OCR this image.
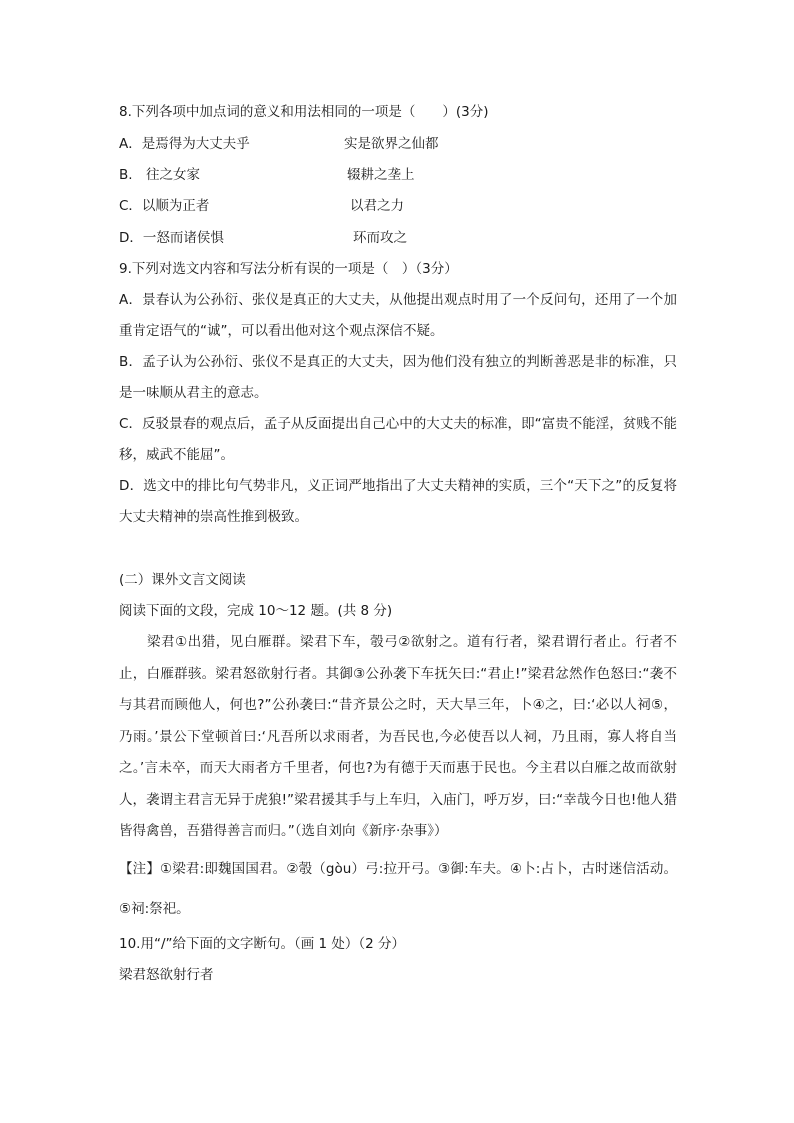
8.下列各项中加点词的意义和用法相同的一项是（　　）(3分)
A．是焉得为大丈夫乎	实是欲界之仙都
B.　往之女家	辍耕之垄上
C．以顺为正者	以君之力
D．一怒而诸侯惧	环而攻之
9.下列对选文内容和写法分析有误的一项是（　）（3分）
A．景春认为公孙衍、张仪是真正的大丈夫，从他提出观点时用了一个反问句，还用了一个加重肯定语气的“诚”，可以看出他对这个观点深信不疑。
B．孟子认为公孙衍、张仪不是真正的大丈夫，因为他们没有独立的判断善恶是非的标准，只是一味顺从君主的意志。
C．反驳景春的观点后，孟子从反面提出自己心中的大丈夫的标准，即“富贵不能淫，贫贱不能移，威武不能屈”。
D．选文中的排比句气势非凡，义正词严地指出了大丈夫精神的实质，三个“天下之”的反复将大丈夫精神的崇高性推到极致。
(二）课外文言文阅读
阅读下面的文段，完成 10～12 题。(共 8 分)
梁君①出猎，见白雁群。梁君下车，彀弓②欲射之。道有行者，梁君谓行者止。行者不止，白雁群骇。梁君怒欲射行者。其御③公孙袭下车抚矢曰:“君止!”梁君忿然作色怒曰:“袭不与其君而顾他人，何也?”公孙袭曰:“昔齐景公之时，天大旱三年，卜④之，曰:‘必以人祠⑤，乃雨。’景公下堂顿首曰:‘凡吾所以求雨者，为吾民也,今必使吾以人祠，乃且雨，寡人将自当之。’言未卒，而天大雨者方千里者，何也?为有德于天而惠于民也。今主君以白雁之故而欲射人，袭谓主君言无异于虎狼!”梁君援其手与上车归，入庙门，呼万岁，曰:“幸哉今日也!他人猎皆得禽兽，吾猎得善言而归。”（选自刘向《新序·杂事》）
【注】①梁君:即魏国国君。②彀（gòu）弓:拉开弓。③御:车夫。④卜:占卜，古时迷信活动。⑤祠:祭祀。
10.用“/”给下面的文字断句。（画 1 处）（2 分）
梁君怒欲射行者
